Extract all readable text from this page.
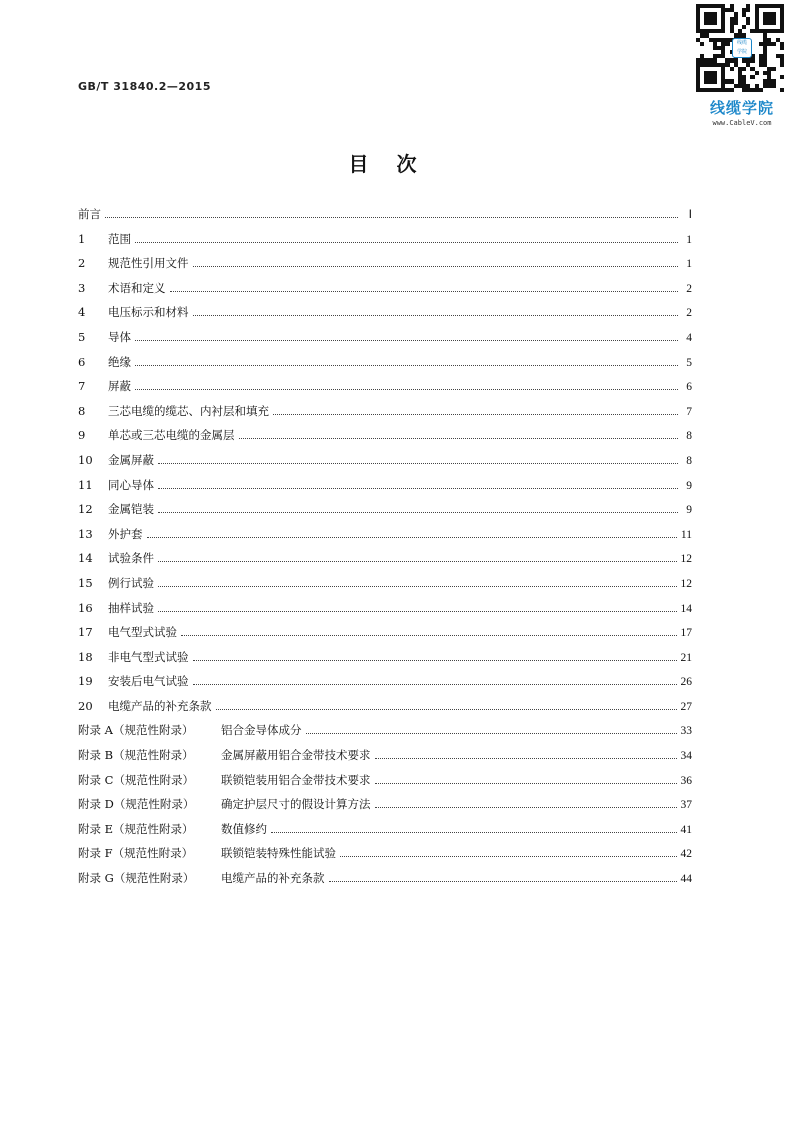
GB/T 31840.2—2015
线缆
学院
线缆学院
www.CableV.com
目次
前言	Ⅰ
1 范围	1
2 规范性引用文件	1
3 术语和定义	2
4 电压标示和材料	2
5 导体	4
6 绝缘	5
7 屏蔽	6
8 三芯电缆的缆芯、内衬层和填充	7
9 单芯或三芯电缆的金属层	8
10 金属屏蔽	8
11 同心导体	9
12 金属铠装	9
13 外护套	11
14 试验条件	12
15 例行试验	12
16 抽样试验	14
17 电气型式试验	17
18 非电气型式试验	21
19 安装后电气试验	26
20 电缆产品的补充条款	27
附录 A（规范性附录） 铝合金导体成分	33
附录 B（规范性附录） 金属屏蔽用铝合金带技术要求	34
附录 C（规范性附录） 联锁铠装用铝合金带技术要求	36
附录 D（规范性附录） 确定护层尺寸的假设计算方法	37
附录 E（规范性附录） 数值修约	41
附录 F（规范性附录） 联锁铠装特殊性能试验	42
附录 G（规范性附录） 电缆产品的补充条款	44
